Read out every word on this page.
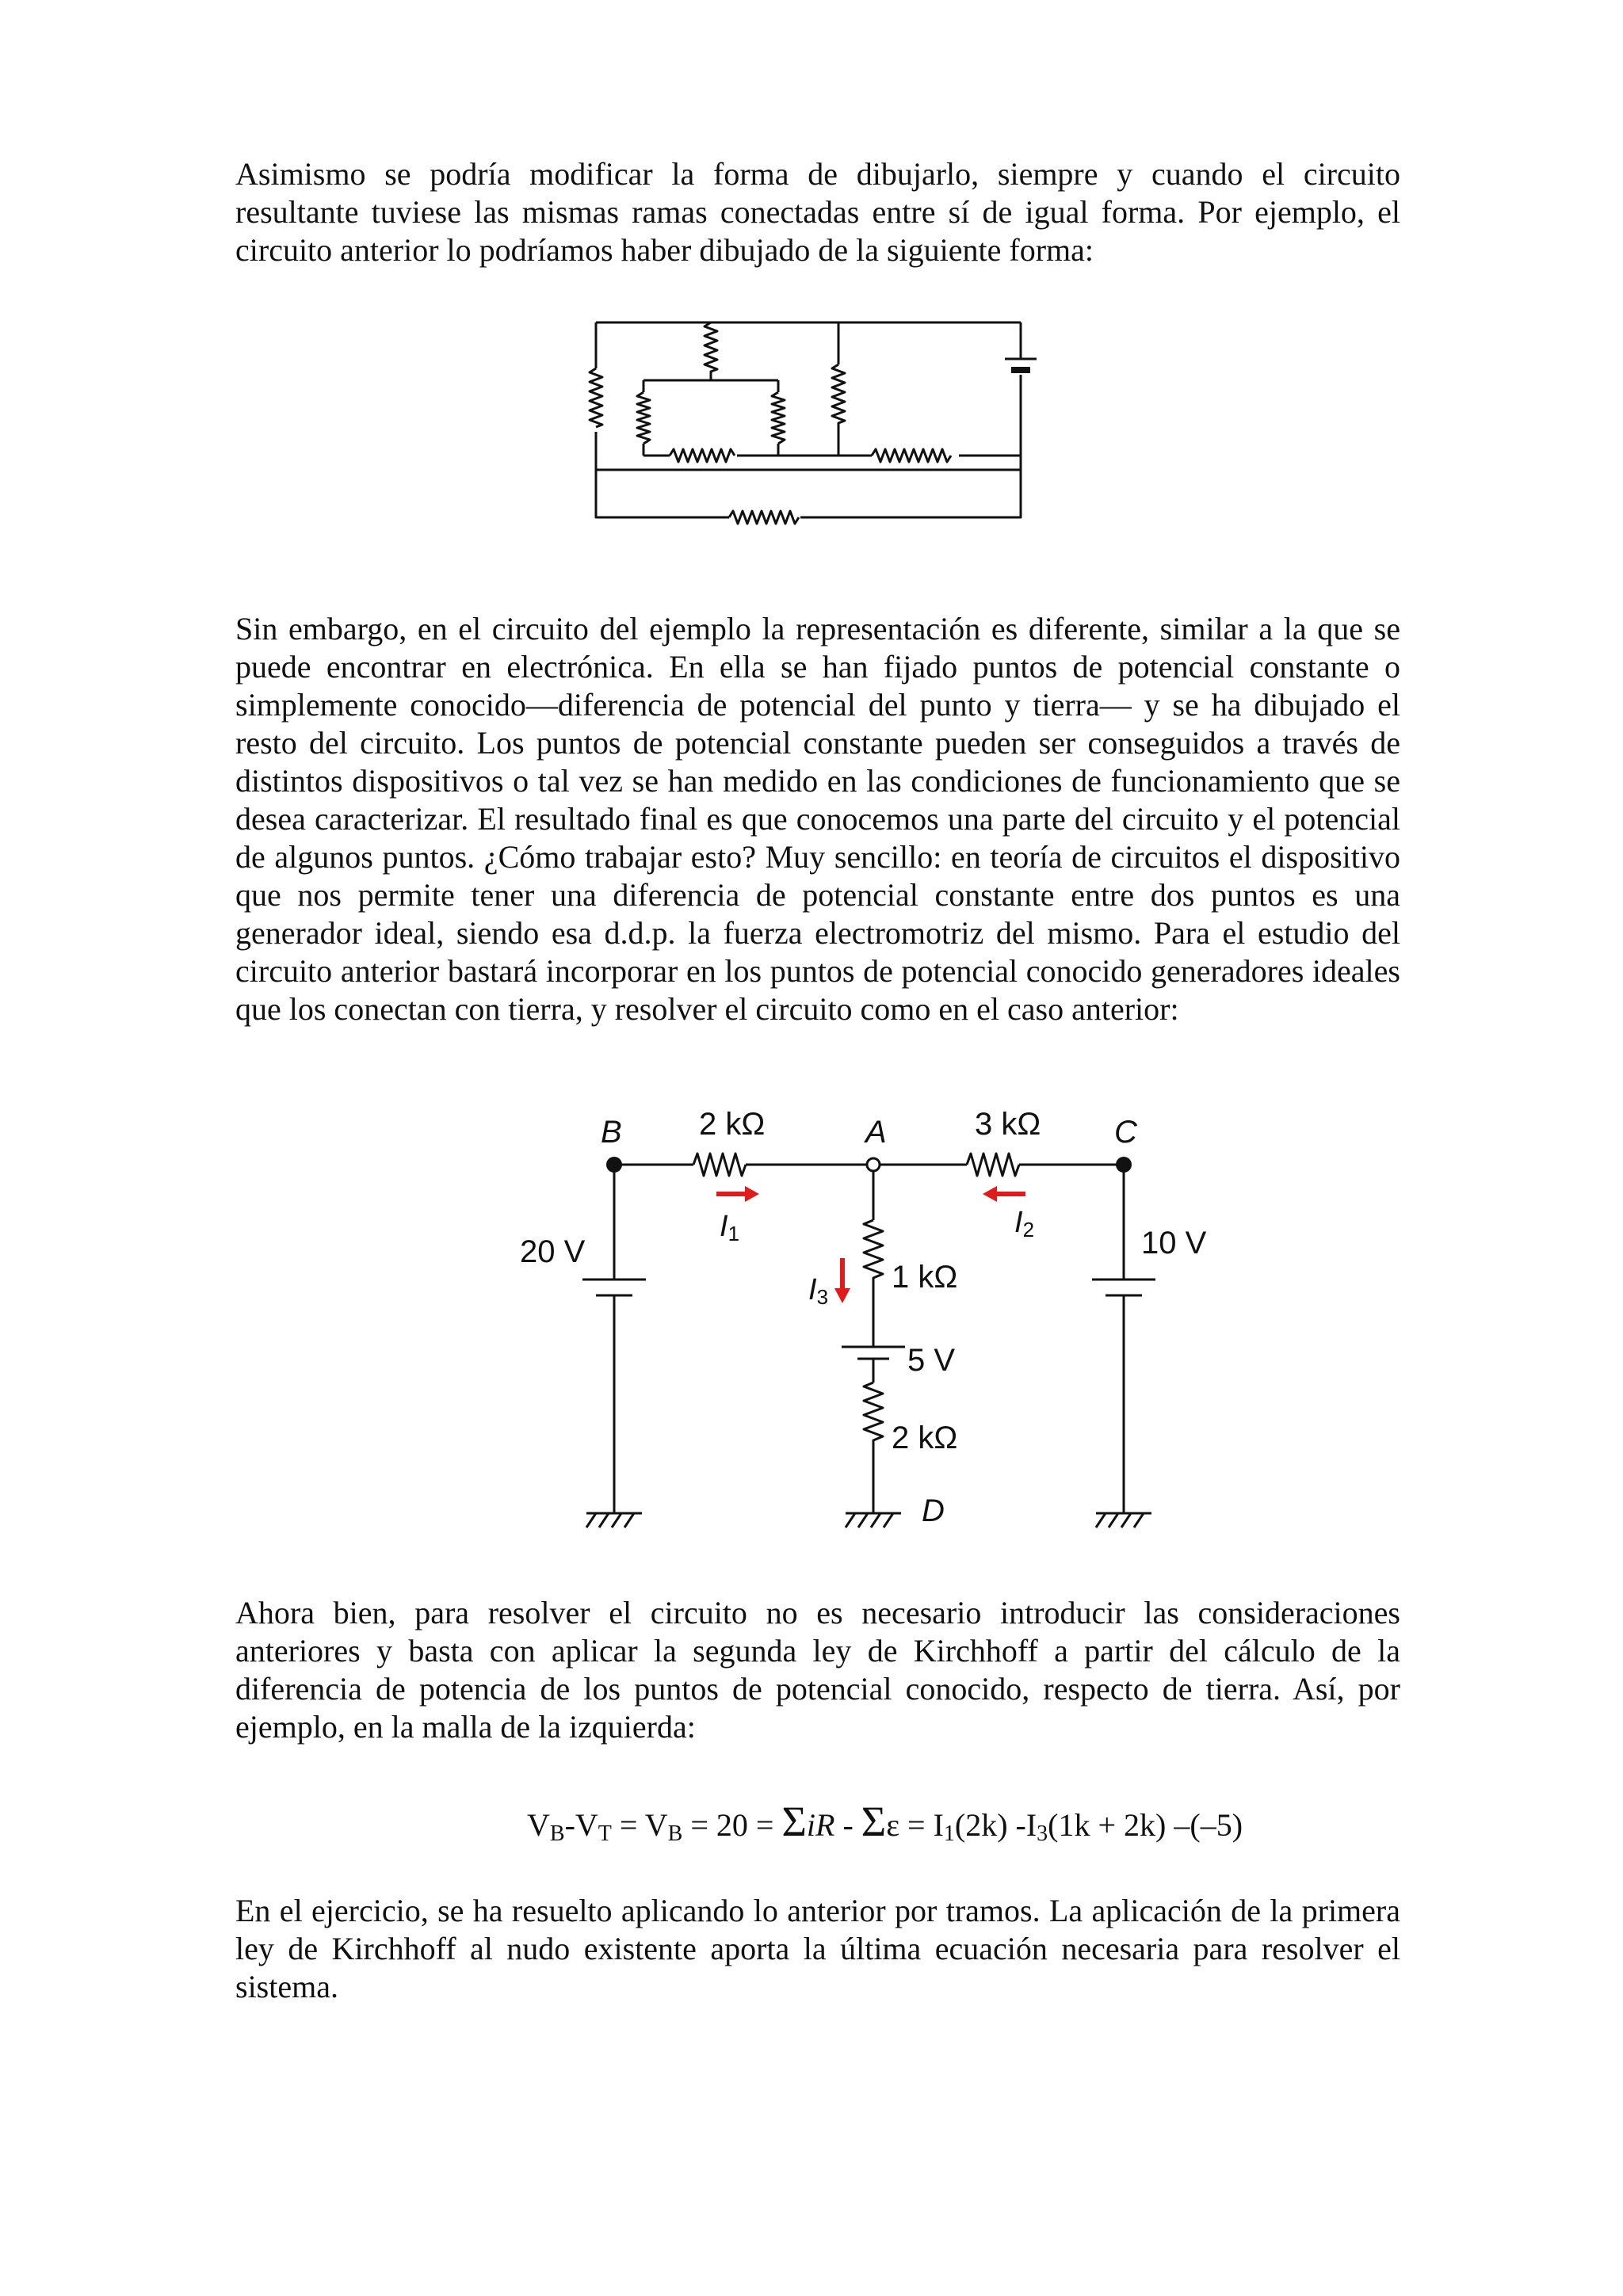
Asimismo se podría modificar la forma de dibujarlo, siempre y cuando el circuito resultante tuviese las mismas ramas conectadas entre sí de igual forma. Por ejemplo, el circuito anterior lo podríamos haber dibujado de la siguiente forma:

Sin embargo, en el circuito del ejemplo la representación es diferente, similar a la que se puede encontrar en electrónica. En ella se han fijado puntos de potencial constante o simplemente conocido—diferencia de potencial del punto y tierra— y se ha dibujado el resto del circuito. Los puntos de potencial constante pueden ser conseguidos a través de distintos dispositivos o tal vez se han medido en las condiciones de funcionamiento que se desea caracterizar. El resultado final es que conocemos una parte del circuito y el potencial de algunos puntos. ¿Cómo trabajar esto? Muy sencillo: en teoría de circuitos el dispositivo que nos permite tener una diferencia de potencial constante entre dos puntos es una generador ideal, siendo esa d.d.p. la fuerza electromotriz del mismo. Para el estudio del circuito anterior bastará incorporar en los puntos de potencial conocido generadores ideales que los conectan con tierra, y resolver el circuito como en el caso anterior:

B	A	C
D
2 kΩ	3 kΩ
1 kΩ
5 V
2 kΩ
20 V	10 V
I1	I2
I3

Ahora bien, para resolver el circuito no es necesario introducir las consideraciones anteriores y basta con aplicar la segunda ley de Kirchhoff a partir del cálculo de la diferencia de potencia de los puntos de potencial conocido, respecto de tierra. Así, por ejemplo, en la malla de la izquierda:

$V_B-V_T = V_B = 20 = \Sigma iR - \Sigma\varepsilon = I_1(2k) -I_3(1k + 2k)$ –(–5)

En el ejercicio, se ha resuelto aplicando lo anterior por tramos. La aplicación de la primera ley de Kirchhoff al nudo existente aporta la última ecuación necesaria para resolver el sistema.
